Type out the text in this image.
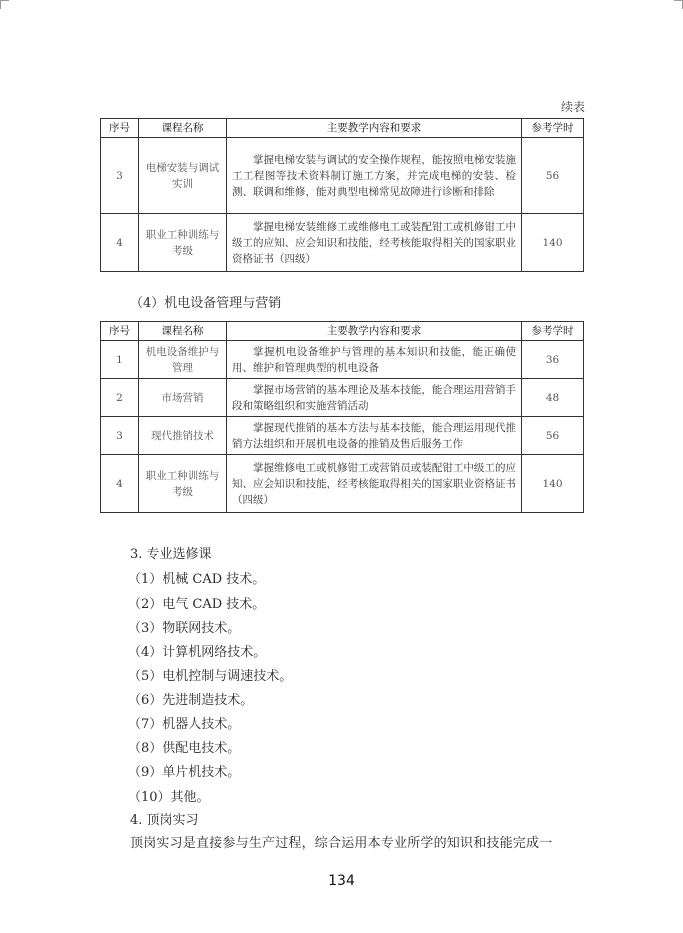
续表
序号	课程名称	主要教学内容和要求	参考学时
3	电梯安装与调试实训	掌握电梯安装与调试的安全操作规程，能按照电梯安装施工工程图等技术资料制订施工方案，并完成电梯的安装、检测、联调和维修，能对典型电梯常见故障进行诊断和排除	56
4	职业工种训练与考级	掌握电梯安装维修工或维修电工或装配钳工或机修钳工中级工的应知、应会知识和技能，经考核能取得相关的国家职业资格证书（四级）	140
（4）机电设备管理与营销
序号	课程名称	主要教学内容和要求	参考学时
1	机电设备维护与管理	掌握机电设备维护与管理的基本知识和技能，能正确使用、维护和管理典型的机电设备	36
2	市场营销	掌握市场营销的基本理论及基本技能，能合理运用营销手段和策略组织和实施营销活动	48
3	现代推销技术	掌握现代推销的基本方法与基本技能，能合理运用现代推销方法组织和开展机电设备的推销及售后服务工作	56
4	职业工种训练与考级	掌握维修电工或机修钳工或营销员或装配钳工中级工的应知、应会知识和技能，经考核能取得相关的国家职业资格证书（四级）	140
3. 专业选修课
（1）机械 CAD 技术。
（2）电气 CAD 技术。
（3）物联网技术。
（4）计算机网络技术。
（5）电机控制与调速技术。
（6）先进制造技术。
（7）机器人技术。
（8）供配电技术。
（9）单片机技术。
（10）其他。
4. 顶岗实习
顶岗实习是直接参与生产过程，综合运用本专业所学的知识和技能完成一
134
